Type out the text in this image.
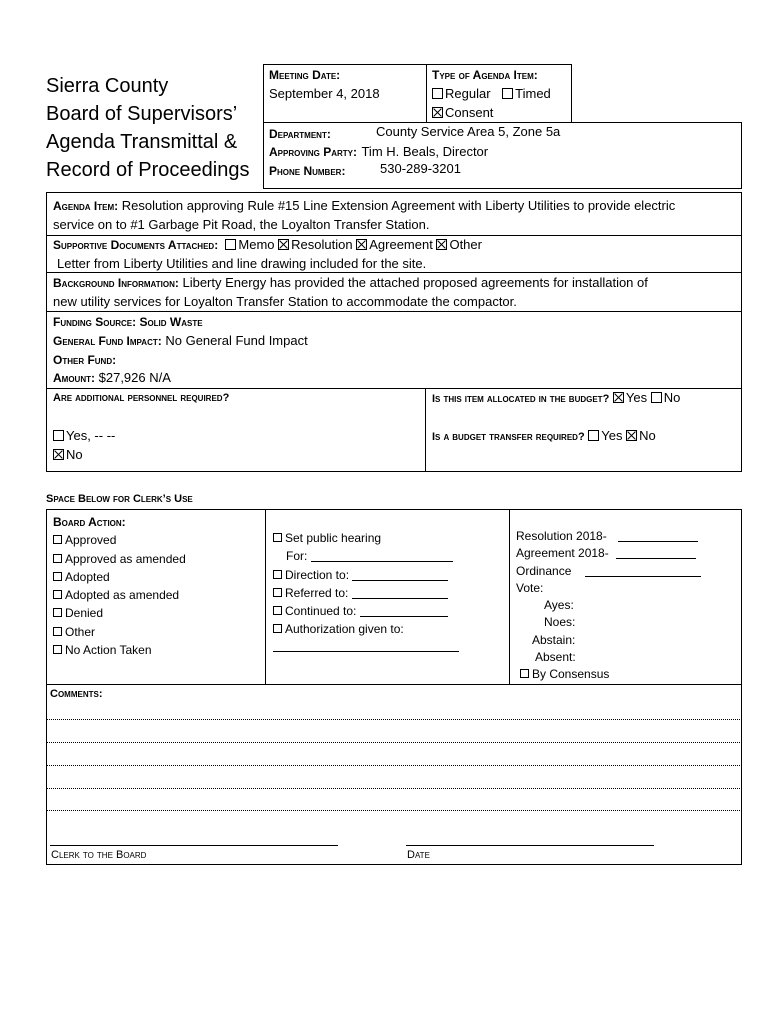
Sierra County
Board of Supervisors’
Agenda Transmittal &
Record of Proceedings
Meeting Date:
September 4, 2018
Type of Agenda Item:
Regular Timed
Consent
Department:	County Service Area 5, Zone 5a
Approving Party: Tim H. Beals, Director
Phone Number:	530-289-3201
Agenda Item: Resolution approving Rule #15 Line Extension Agreement with Liberty Utilities to provide electric
service on to #1 Garbage Pit Road, the Loyalton Transfer Station.
Supportive Documents Attached: Memo Resolution Agreement Other
Letter from Liberty Utilities and line drawing included for the site.
Background Information: Liberty Energy has provided the attached proposed agreements for installation of
new utility services for Loyalton Transfer Station to accommodate the compactor.
Funding Source: Solid Waste
General Fund Impact: No General Fund Impact
Other Fund:
Amount: $27,926 N/A
Are additional personnel required?
Yes, -- --
No
Is this item allocated in the budget? Yes No
Is a budget transfer required? Yes No
Space Below for Clerk’s Use
Board Action:
Approved
Approved as amended
Adopted
Adopted as amended
Denied
Other
No Action Taken
Set public hearing
For:
Direction to:
Referred to:
Continued to:
Authorization given to:
Resolution 2018-
Agreement 2018-
Ordinance
Vote:
Ayes:
Noes:
Abstain:
Absent:
By Consensus
Comments:
Clerk to the Board	Date
